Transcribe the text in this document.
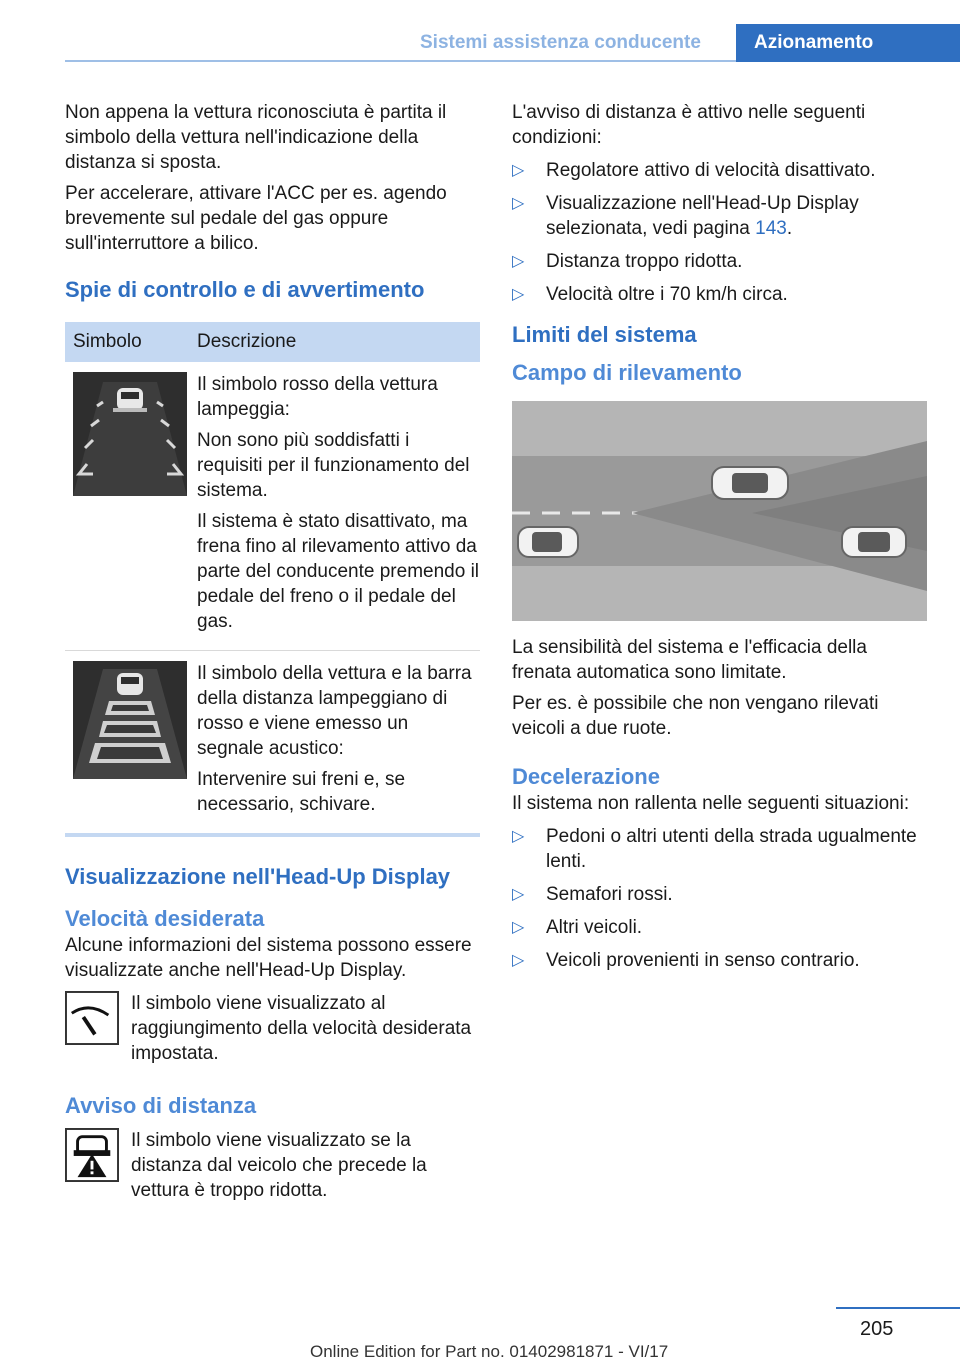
Sistemi assistenza conducente	Azionamento

Non appena la vettura riconosciuta è partita il simbolo della vettura nell'indicazione della distanza si sposta.

Per accelerare, attivare l'ACC per es. agendo brevemente sul pedale del gas oppure sull'interruttore a bilico.

Spie di controllo e di avvertimento
Simbolo	Descrizione

Il simbolo rosso della vettura lampeggia:

Non sono più soddisfatti i requisiti per il funzionamento del sistema.

Il sistema è stato disattivato, ma frena fino al rilevamento attivo da parte del conducente premendo il pedale del freno o il pedale del gas.

Il simbolo della vettura e la barra della distanza lampeggiano di rosso e viene emesso un segnale acustico:

Intervenire sui freni e, se necessario, schivare.

Visualizzazione nell'Head-Up Display
Velocità desiderata

Alcune informazioni del sistema possono essere visualizzate anche nell'Head-Up Display.

Il simbolo viene visualizzato al raggiungimento della velocità desiderata impostata.
Avviso di distanza
Il simbolo viene visualizzato se la distanza dal veicolo che precede la vettura è troppo ridotta.

L'avviso di distanza è attivo nelle seguenti condizioni:

▷ Regolatore attivo di velocità disattivato.
▷ Visualizzazione nell'Head-Up Display selezionata, vedi pagina 143.
▷ Distanza troppo ridotta.
▷ Velocità oltre i 70 km/h circa.
Limiti del sistema
Campo di rilevamento

La sensibilità del sistema e l'efficacia della frenata automatica sono limitate.

Per es. è possibile che non vengano rilevati veicoli a due ruote.

Decelerazione

Il sistema non rallenta nelle seguenti situazioni:

▷ Pedoni o altri utenti della strada ugualmente lenti.
▷ Semafori rossi.
▷ Altri veicoli.
▷ Veicoli provenienti in senso contrario.
205
Online Edition for Part no. 01402981871 - VI/17
